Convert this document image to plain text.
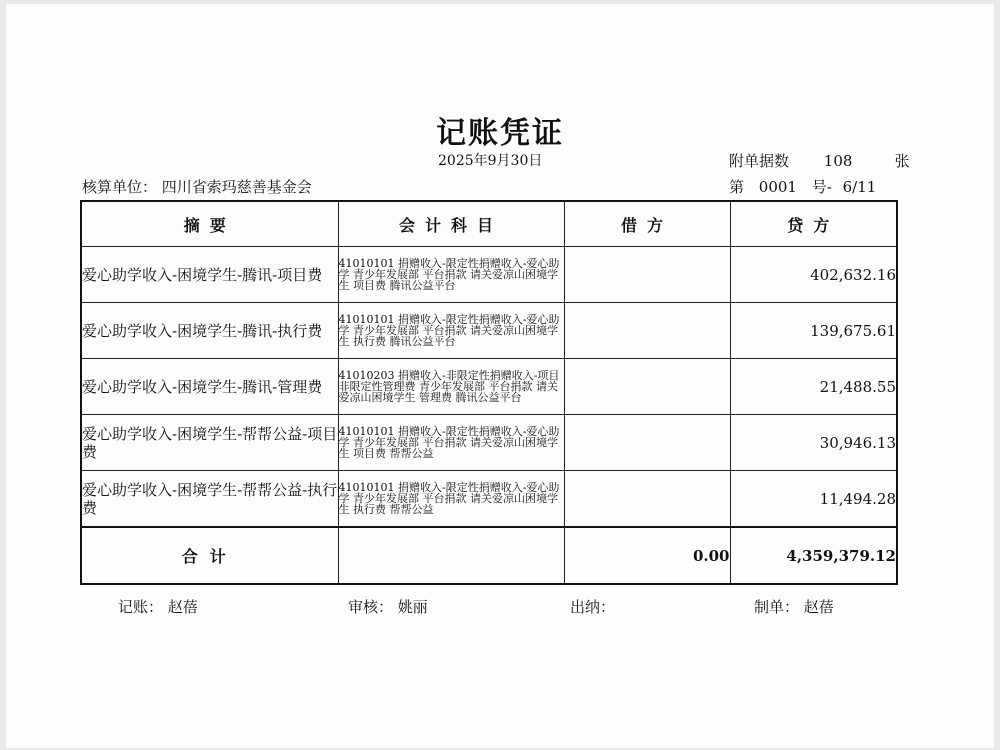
记账凭证
2025年9月30日	附单据数 108	张
核算单位： 四川省索玛慈善基金会	第 0001 号- 6/11
摘要	会计科目	借方	贷方
爱心助学收入-困境学生-腾讯-项目费	41010101 捐赠收入-限定性捐赠收入-爱心助学 青少年发展部 平台捐款 请关爱凉山困境学生 项目费 腾讯公益平台		402,632.16
爱心助学收入-困境学生-腾讯-执行费	41010101 捐赠收入-限定性捐赠收入-爱心助学 青少年发展部 平台捐款 请关爱凉山困境学生 执行费 腾讯公益平台		139,675.61
爱心助学收入-困境学生-腾讯-管理费	41010203 捐赠收入-非限定性捐赠收入-项目非限定性管理费 青少年发展部 平台捐款 请关爱凉山困境学生 管理费 腾讯公益平台		21,488.55
爱心助学收入-困境学生-帮帮公益-项目费	41010101 捐赠收入-限定性捐赠收入-爱心助学 青少年发展部 平台捐款 请关爱凉山困境学生 项目费 帮帮公益		30,946.13
爱心助学收入-困境学生-帮帮公益-执行费	41010101 捐赠收入-限定性捐赠收入-爱心助学 青少年发展部 平台捐款 请关爱凉山困境学生 执行费 帮帮公益		11,494.28
合计		0.00	4,359,379.12
记账： 赵蓓	审核： 姚丽	出纳：	制单： 赵蓓
